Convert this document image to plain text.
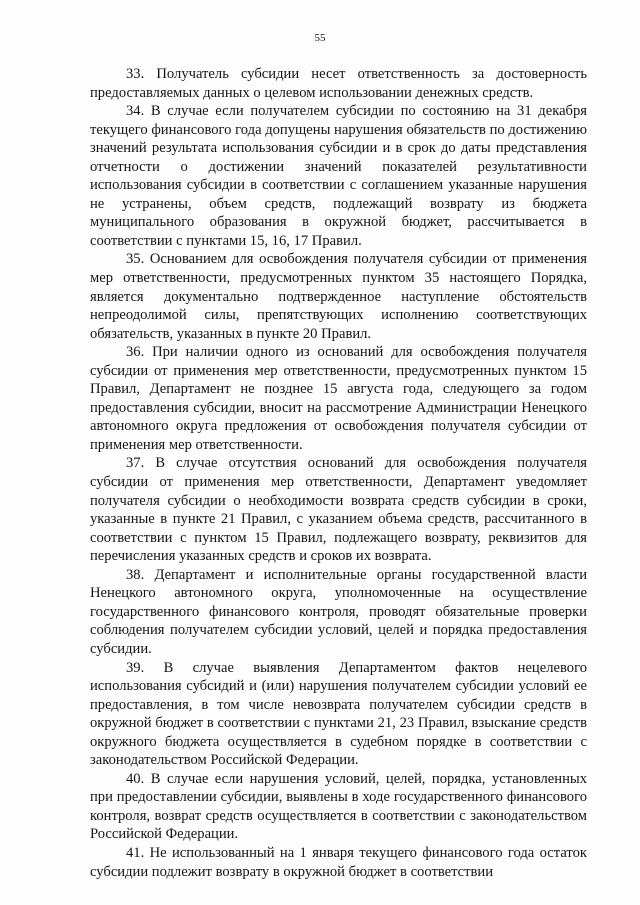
55

33. Получатель субсидии несет ответственность за достоверность предоставляемых данных о целевом использовании денежных средств.

34. В случае если получателем субсидии по состоянию на 31 декабря текущего финансового года допущены нарушения обязательств по достижению значений результата использования субсидии и в срок до даты представления отчетности о достижении значений показателей результативности использования субсидии в соответствии с соглашением указанные нарушения не устранены, объем средств, подлежащий возврату из бюджета муниципального образования в окружной бюджет, рассчитывается в соответствии с пунктами 15, 16, 17 Правил.

35. Основанием для освобождения получателя субсидии от применения мер ответственности, предусмотренных пунктом 35 настоящего Порядка, является документально подтвержденное наступление обстоятельств непреодолимой силы, препятствующих исполнению соответствующих обязательств, указанных в пункте 20 Правил.

36. При наличии одного из оснований для освобождения получателя субсидии от применения мер ответственности, предусмотренных пунктом 15 Правил, Департамент не позднее 15 августа года, следующего за годом предоставления субсидии, вносит на рассмотрение Администрации Ненецкого автономного округа предложения от освобождения получателя субсидии от применения мер ответственности.

37. В случае отсутствия оснований для освобождения получателя субсидии от применения мер ответственности, Департамент уведомляет получателя субсидии о необходимости возврата средств субсидии в сроки, указанные в пункте 21 Правил, с указанием объема средств, рассчитанного в соответствии с пунктом 15 Правил, подлежащего возврату, реквизитов для перечисления указанных средств и сроков их возврата.

38. Департамент и исполнительные органы государственной власти Ненецкого автономного округа, уполномоченные на осуществление государственного финансового контроля, проводят обязательные проверки соблюдения получателем субсидии условий, целей и порядка предоставления субсидии.

39. В случае выявления Департаментом фактов нецелевого использования субсидий и (или) нарушения получателем субсидии условий ее предоставления, в том числе невозврата получателем субсидии средств в окружной бюджет в соответствии с пунктами 21, 23 Правил, взыскание средств окружного бюджета осуществляется в судебном порядке в соответствии с законодательством Российской Федерации.

40. В случае если нарушения условий, целей, порядка, установленных при предоставлении субсидии, выявлены в ходе государственного финансового контроля, возврат средств осуществляется в соответствии с законодательством Российской Федерации.

41. Не использованный на 1 января текущего финансового года остаток субсидии подлежит возврату в окружной бюджет в соответствии
